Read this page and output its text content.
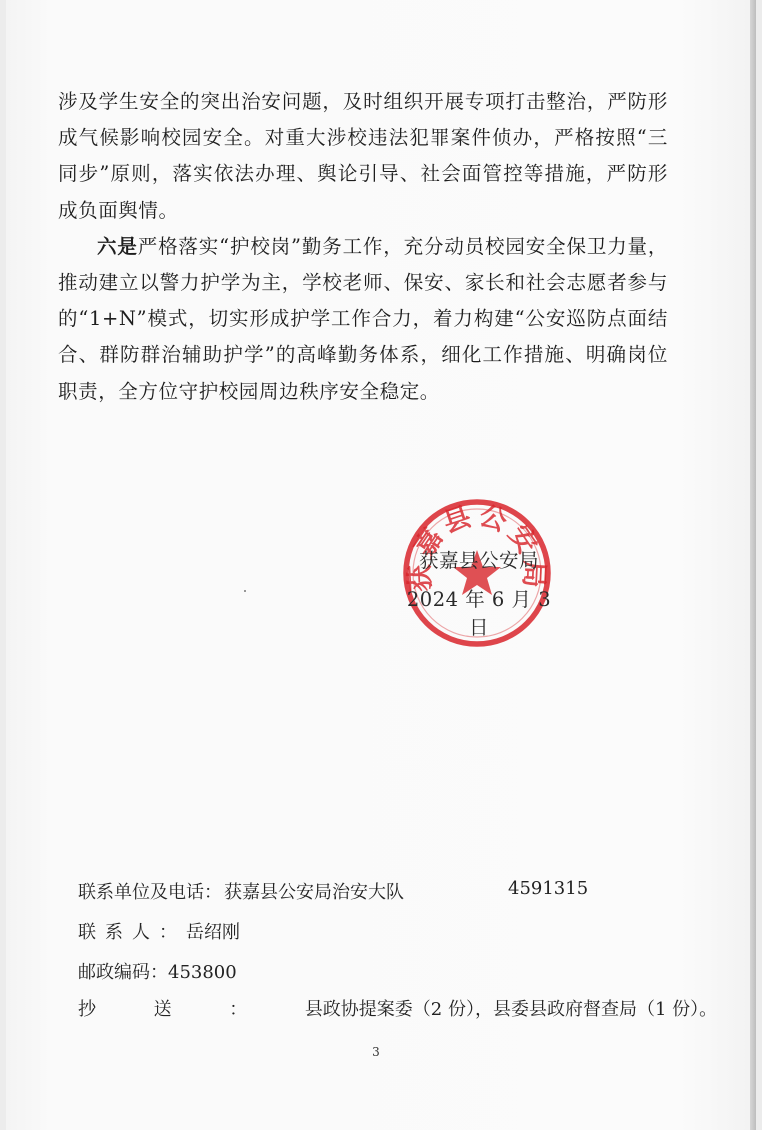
涉及学生安全的突出治安问题，及时组织开展专项打击整治，严防形成气候影响校园安全。对重大涉校违法犯罪案件侦办，严格按照“三同步”原则，落实依法办理、舆论引导、社会面管控等措施，严防形成负面舆情。

六是严格落实“护校岗”勤务工作，充分动员校园安全保卫力量，推动建立以警力护学为主，学校老师、保安、家长和社会志愿者参与的“1+N”模式，切实形成护学工作合力，着力构建“公安巡防点面结合、群防群治辅助护学”的高峰勤务体系，细化工作措施、明确岗位职责，全方位守护校园周边秩序安全稳定。

获嘉县公安局
获嘉县公安局
2024 年 6 月 3 日
联系单位及电话： 获嘉县公安局治安大队	4591315
联系人：岳绍刚
邮政编码：453800
抄送：县政协提案委（2 份），县委县政府督查局（1 份）。
3
